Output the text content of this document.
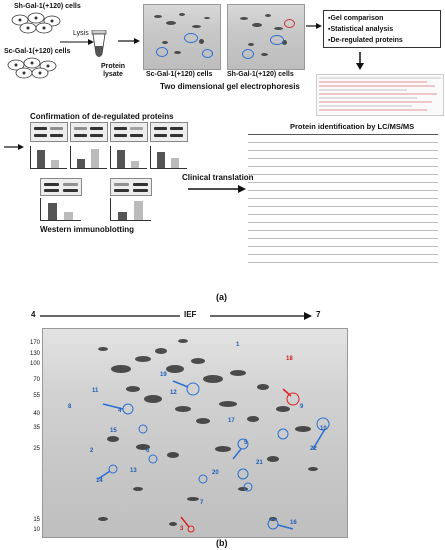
Sh-Gal-1(+120) cells
Lysis
Sc-Gal-1(+120) cells
Protein lysate	Sc-Gal-1(+120) cells Sh-Gal-1(+120) cells
Two dimensional gel electrophoresis
▪ Gel comparison
▪ Statistical analysis
▪ De-regulated proteins
Confirmation of de-regulated proteins
Western immunoblotting
Clinical translation
Protein identification by LC/MS/MS

(a)
4	7
IEF
170
130
100
70
55
40
35
25
15
10
1
2
3
4
5
6
7
8	9
10
11	12
13
14
15
16
17
18
19
20
21
22
(b)
